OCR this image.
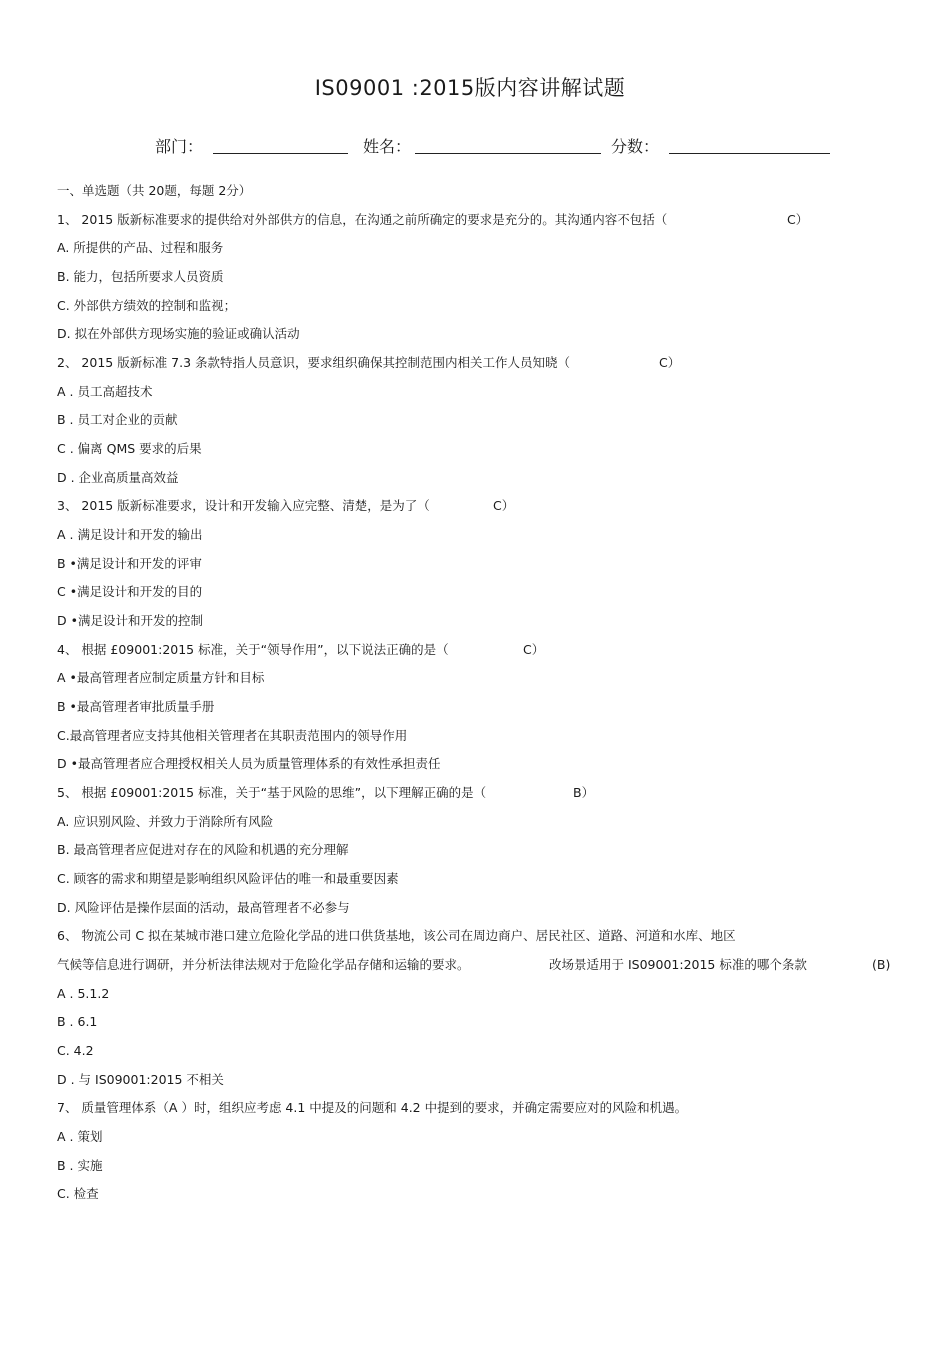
IS09001 :2015版内容讲解试题
部门：	姓名：	分数：
一、单选题（共 20题，每题 2分）
1、 2015 版新标准要求的提供给对外部供方的信息，在沟通之前所确定的要求是充分的。其沟通内容不包括（	C）
A. 所提供的产品、过程和服务
B. 能力，包括所要求人员资质
C. 外部供方绩效的控制和监视；
D. 拟在外部供方现场实施的验证或确认活动
2、 2015 版新标准 7.3 条款特指人员意识，要求组织确保其控制范围内相关工作人员知晓（	C）
A . 员工高超技术
B . 员工对企业的贡献
C . 偏离 QMS 要求的后果
D . 企业高质量高效益
3、 2015 版新标准要求，设计和开发输入应完整、清楚，是为了（	C）
A . 满足设计和开发的输出
B •满足设计和开发的评审
C •满足设计和开发的目的
D •满足设计和开发的控制
4、 根据 £09001:2015 标准，关于“领导作用”，以下说法正确的是（	C）
A •最高管理者应制定质量方针和目标
B •最高管理者审批质量手册
C.最高管理者应支持其他相关管理者在其职责范围内的领导作用
D •最高管理者应合理授权相关人员为质量管理体系的有效性承担责任
5、 根据 £09001:2015 标准，关于“基于风险的思维”，以下理解正确的是（	B）
A. 应识别风险、并致力于消除所有风险
B. 最高管理者应促进对存在的风险和机遇的充分理解
C. 顾客的需求和期望是影响组织风险评估的唯一和最重要因素
D. 风险评估是操作层面的活动，最高管理者不必参与
6、 物流公司 C 拟在某城市港口建立危险化学品的进口供货基地，该公司在周边商户、居民社区、道路、河道和水库、地区
气候等信息进行调研，并分析法律法规对于危险化学品存储和运输的要求。	改场景适用于 IS09001:2015 标准的哪个条款	(B)
A . 5.1.2
B . 6.1
C. 4.2
D . 与 IS09001:2015 不相关
7、 质量管理体系（A ）时，组织应考虑 4.1 中提及的问题和 4.2 中提到的要求，并确定需要应对的风险和机遇。
A . 策划
B . 实施
C. 检查
